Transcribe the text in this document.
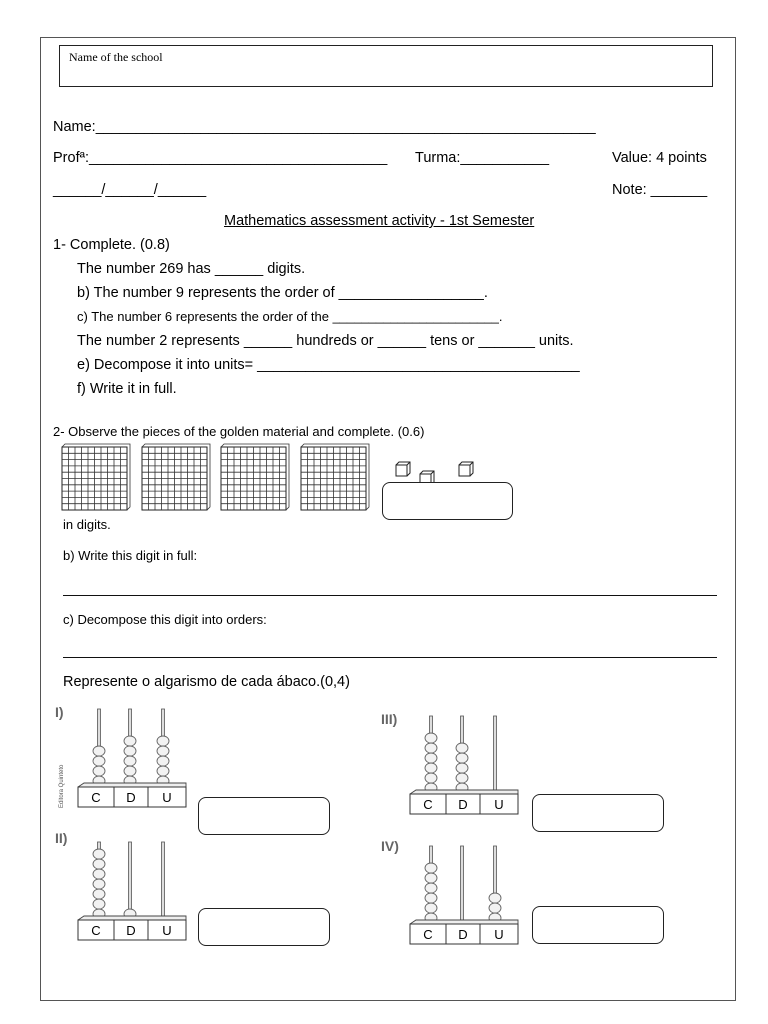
Name of the school
Name:______________________________________________________________
Profª:_____________________________________ Turma:___________	Value: 4 points
______/______/______	Note: _______
Mathematics assessment activity - 1st Semester
1- Complete. (0.8)
The number 269 has ______ digits.
b) The number 9 represents the order of __________________.
c) The number 6 represents the order of the _______________________.
The number 2 represents ______ hundreds or ______ tens or _______ units.
e) Decompose it into units= ________________________________________
f) Write it in full.
2- Observe the pieces of the golden material and complete. (0.6)
in digits.
b) Write this digit in full:
c) Decompose this digit into orders:
Represente o algarismo de cada ábaco.(0,4)
I)	III)
II)	IV)
C D U
C D U
C D U
C D U
Editora Quinteto
